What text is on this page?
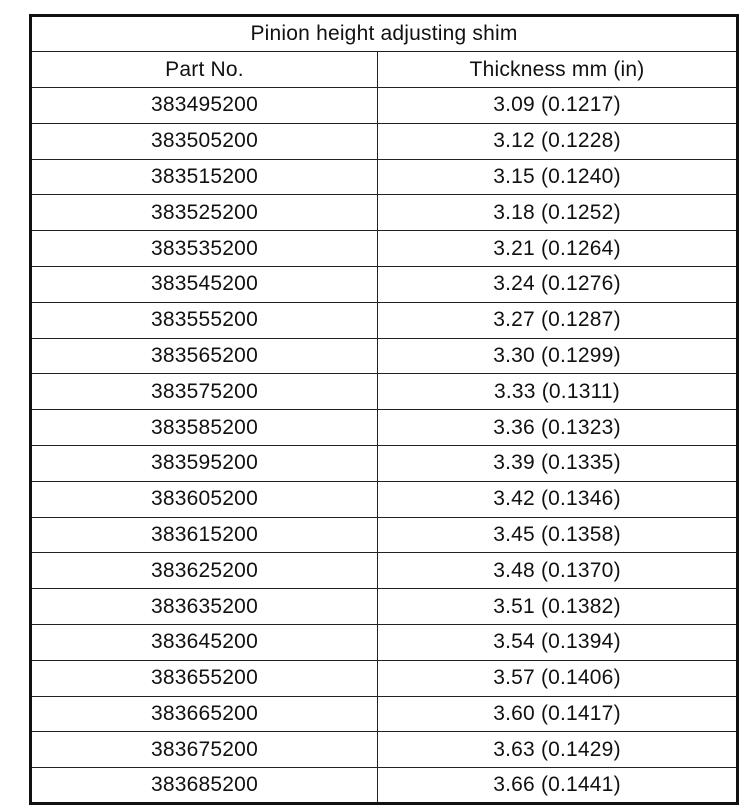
Pinion height adjusting shim	
Part No.	Thickness mm (in)
383495200	3.09 (0.1217)
383505200	3.12 (0.1228)
383515200	3.15 (0.1240)
383525200	3.18 (0.1252)
383535200	3.21 (0.1264)
383545200	3.24 (0.1276)
383555200	3.27 (0.1287)
383565200	3.30 (0.1299)
383575200	3.33 (0.1311)
383585200	3.36 (0.1323)
383595200	3.39 (0.1335)
383605200	3.42 (0.1346)
383615200	3.45 (0.1358)
383625200	3.48 (0.1370)
383635200	3.51 (0.1382)
383645200	3.54 (0.1394)
383655200	3.57 (0.1406)
383665200	3.60 (0.1417)
383675200	3.63 (0.1429)
383685200	3.66 (0.1441)
